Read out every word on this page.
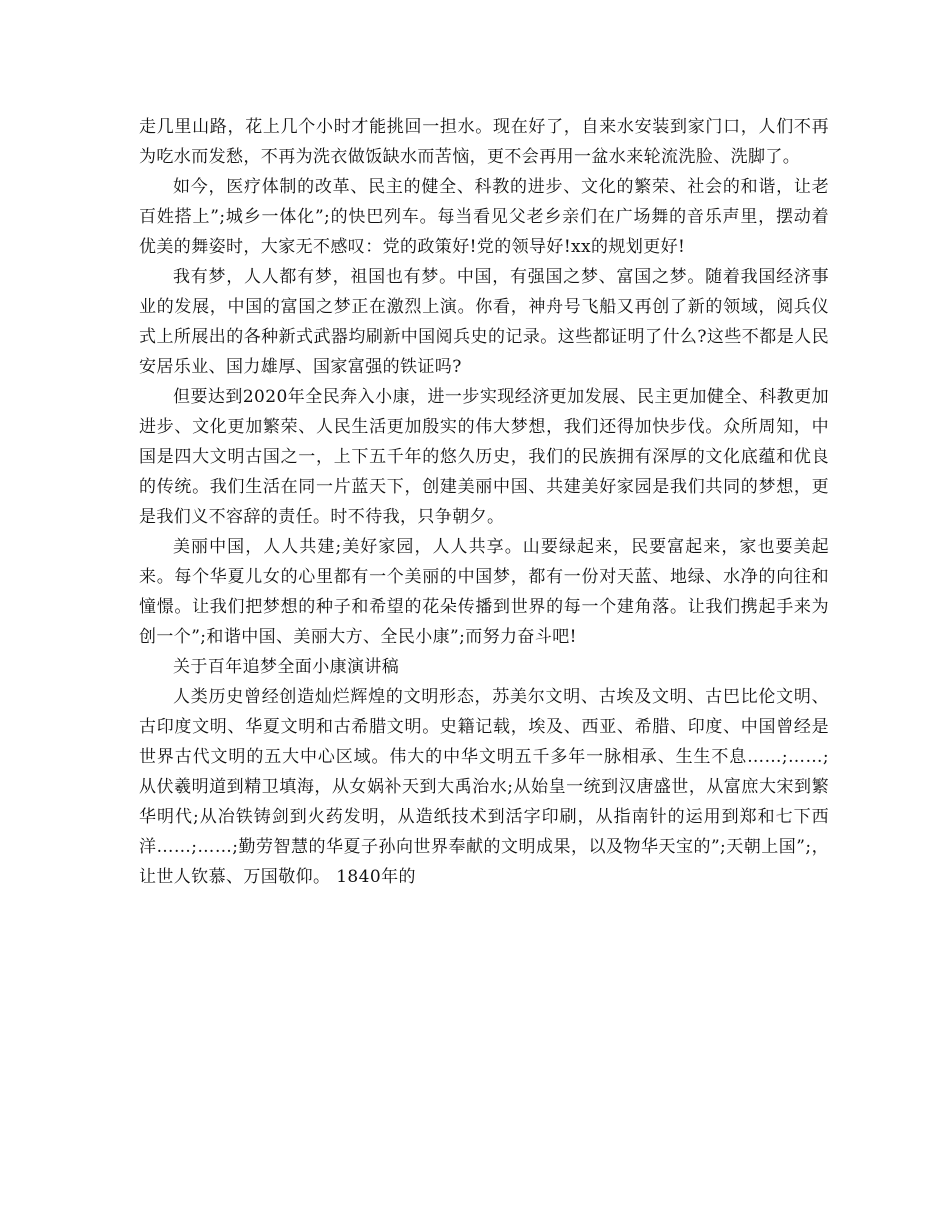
走几里山路，花上几个小时才能挑回一担水。现在好了，自来水安装到家门口，人们不再为吃水而发愁，不再为洗衣做饭缺水而苦恼，更不会再用一盆水来轮流洗脸、洗脚了。

如今，医疗体制的改革、民主的健全、科教的进步、文化的繁荣、社会的和谐，让老百姓搭上”;城乡一体化”;的快巴列车。每当看见父老乡亲们在广场舞的音乐声里，摆动着优美的舞姿时，大家无不感叹：党的政策好!党的领导好!xx的规划更好!

我有梦，人人都有梦，祖国也有梦。中国，有强国之梦、富国之梦。随着我国经济事业的发展，中国的富国之梦正在激烈上演。你看，神舟号飞船又再创了新的领域，阅兵仪式上所展出的各种新式武器均刷新中国阅兵史的记录。这些都证明了什么?这些不都是人民安居乐业、国力雄厚、国家富强的铁证吗?

但要达到2020年全民奔入小康，进一步实现经济更加发展、民主更加健全、科教更加进步、文化更加繁荣、人民生活更加殷实的伟大梦想，我们还得加快步伐。众所周知，中国是四大文明古国之一，上下五千年的悠久历史，我们的民族拥有深厚的文化底蕴和优良的传统。我们生活在同一片蓝天下，创建美丽中国、共建美好家园是我们共同的梦想，更是我们义不容辞的责任。时不待我，只争朝夕。

美丽中国，人人共建;美好家园，人人共享。山要绿起来，民要富起来，家也要美起来。每个华夏儿女的心里都有一个美丽的中国梦，都有一份对天蓝、地绿、水净的向往和憧憬。让我们把梦想的种子和希望的花朵传播到世界的每一个建角落。让我们携起手来为创一个”;和谐中国、美丽大方、全民小康”;而努力奋斗吧!

关于百年追梦全面小康演讲稿

人类历史曾经创造灿烂辉煌的文明形态，苏美尔文明、古埃及文明、古巴比伦文明、古印度文明、华夏文明和古希腊文明。史籍记载，埃及、西亚、希腊、印度、中国曾经是世界古代文明的五大中心区域。伟大的中华文明五千多年一脉相承、生生不息……;……;从伏羲明道到精卫填海，从女娲补天到大禹治水;从始皇一统到汉唐盛世，从富庶大宋到繁华明代;从冶铁铸剑到火药发明，从造纸技术到活字印刷，从指南针的运用到郑和七下西洋……;……;勤劳智慧的华夏子孙向世界奉献的文明成果，以及物华天宝的”;天朝上国”;，让世人钦慕、万国敬仰。 1840年的
